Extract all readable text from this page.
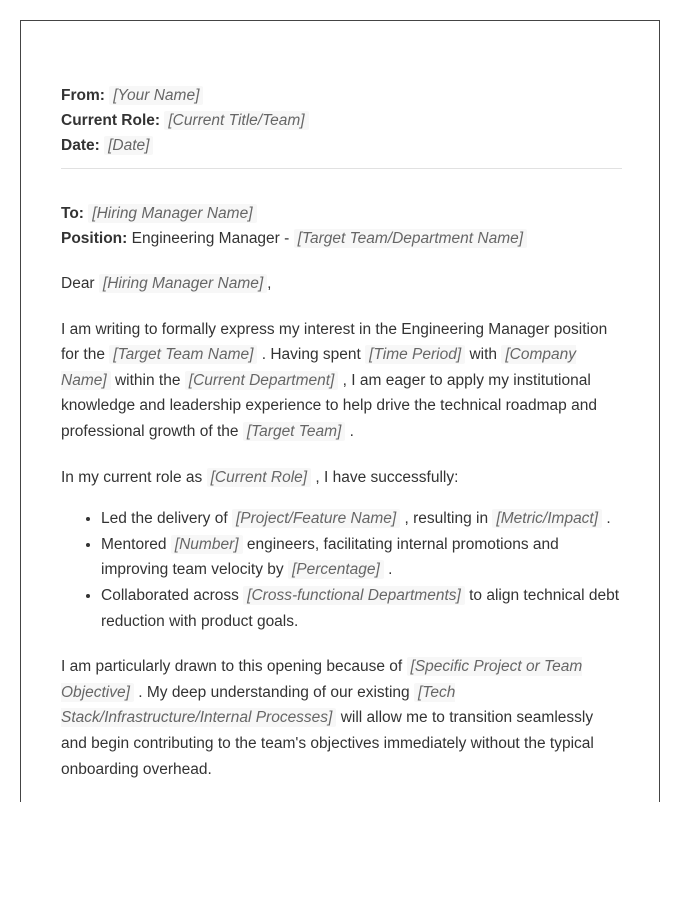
From: [Your Name]
Current Role: [Current Title/Team]
Date: [Date]
To: [Hiring Manager Name]
Position: Engineering Manager - [Target Team/Department Name]

Dear [Hiring Manager Name] ,

I am writing to formally express my interest in the Engineering Manager position for the [Target Team Name] . Having spent [Time Period] with [Company Name] within the [Current Department] , I am eager to apply my institutional knowledge and leadership experience to help drive the technical roadmap and professional growth of the [Target Team] .

In my current role as [Current Role] , I have successfully:

• Led the delivery of [Project/Feature Name] , resulting in [Metric/Impact] .
• Mentored [Number] engineers, facilitating internal promotions and improving team velocity by [Percentage] .
• Collaborated across [Cross-functional Departments] to align technical debt reduction with product goals.

I am particularly drawn to this opening because of [Specific Project or Team Objective] . My deep understanding of our existing [Tech Stack/Infrastructure/Internal Processes] will allow me to transition seamlessly and begin contributing to the team's objectives immediately without the typical onboarding overhead.
